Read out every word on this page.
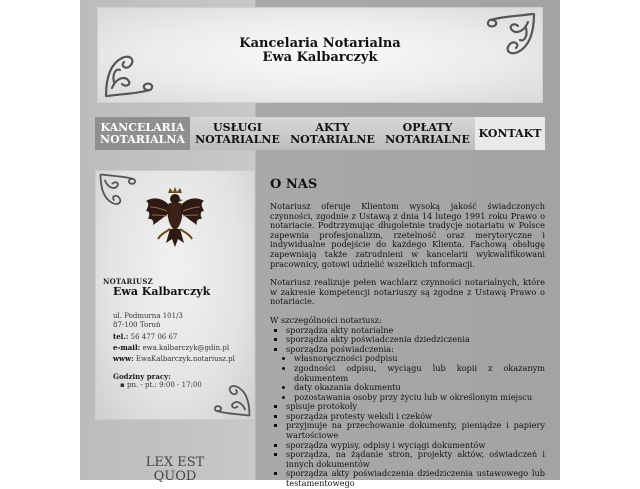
Kancelaria Notarialna
Ewa Kalbarczyk
KANCELARIA
NOTARIALNA
USŁUGI
NOTARIALNE
AKTY
NOTARIALNE
OPŁATY
NOTARIALNE KONTAKT
NOTARIUSZ
Ewa Kalbarczyk
ul. Podmurna 101/3
87-100 Toruń
tel.: 56 477 06 67
e-mail: ewa.kalbarczyk@gdin.pl
www: EwaKalbarczyk.notariusz.pl
Godziny pracy:
▪ pn. - pt.: 9:00 - 17:00
LEX EST
QUOD
O NAS

Notariusz oferuje Klientom wysoką jakość świadczonych czynności, zgodnie z Ustawą z dnia 14 lutego 1991 roku Prawo o notariacie. Podtrzymując długoletnie tradycje notariatu w Polsce zapewnia profesjonalizm, rzetelność oraz merytoryczne i indywidualne podejście do każdego Klienta. Fachową obsługę zapewniają także zatrudnieni w kancelarii wykwalifikowani pracownicy, gotowi udzielić wszelkich informacji.

Notariusz realizuje pełen wachlarz czynności notarialnych, które w zakresie kompetencji notariuszy są zgodne z Ustawą Prawo o notariacie.

W szczególności notariusz:
▪ sporządza akty notarialne
▪ sporządza akty poświadczenia dziedziczenia
▪ sporządza poświadczenia:
• własnoręczności podpisu
• zgodności odpisu, wyciągu lub kopii z okazanym dokumentem
• daty okazania dokumentu
• pozostawania osoby przy życiu lub w określonym miejscu
▪ spisuje protokoły
▪ sporządza protesty weksli i czeków
▪ przyjmuje na przechowanie dokumenty, pieniądze i papiery wartościowe
▪ sporządza wypisy, odpisy i wyciągi dokumentów
▪ sporządza, na żądanie stron, projekty aktów, oświadczeń i innych dokumentów
▪ sporządza akty poświadczenia dziedziczenia ustawowego lub testamentowego
